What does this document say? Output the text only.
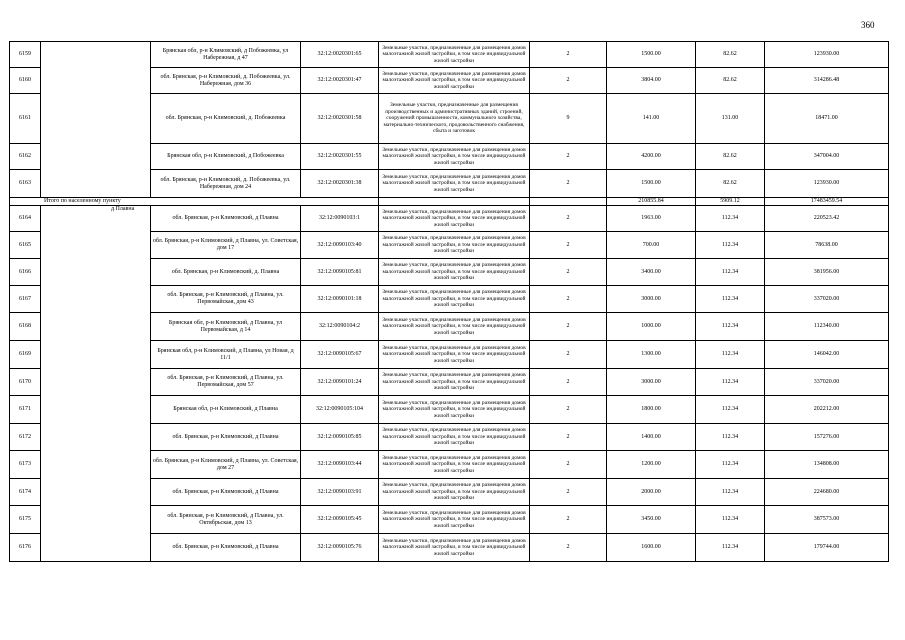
360
6159		Брянская обл, р-н Климовский, д Побожеевка, ул Набережная, д 47	32:12:0020301:65	Земельные участки, предназначенные для размещения домов малоэтажной жилой застройки, в том числе индивидуальной жилой застройки	2	1500.00	82.62	123930.00
6160		обл. Брянская, р-н Климовский, д. Побожеевка, ул. Набережная, дом 36	32:12:0020301:47	Земельные участки, предназначенные для размещения домов малоэтажной жилой застройки, в том числе индивидуальной жилой застройки	2	3804.00	82.62	314286.48
6161		обл. Брянская, р-н Климовский, д. Побожеевка	32:12:0020301:58	Земельные участки, предназначенные для размещения производственных и административных зданий, строений, сооружений промышленности, коммунального хозяйства, материально-технического, продовольственного снабжения, сбыта и заготовок	9	141.00	131.00	18471.00
6162		Брянская обл, р-н Климовский, д Побожеевка	32:12:0020301:55	Земельные участки, предназначенные для размещения домов малоэтажной жилой застройки, в том числе индивидуальной жилой застройки	2	4200.00	82.62	347004.00
6163		обл. Брянская, р-н Климовский, д. Побожеевка, ул. Набережная, дом 24	32:12:0020301:38	Земельные участки, предназначенные для размещения домов малоэтажной жилой застройки, в том числе индивидуальной жилой застройки	2	1500.00	82.62	123930.00
Итого по населенному пункту						210855.84	5909.12	17483459.54
6164	д Плавна	обл. Брянская, р-н Климовский, д Плавна	32:12:0090103:1	Земельные участки, предназначенные для размещения домов малоэтажной жилой застройки, в том числе индивидуальной жилой застройки	2	1963.00	112.34	220523.42
6165		обл. Брянская, р-н Климовский, д Плавна, ул. Советская, дом 17	32:12:0090103:40	Земельные участки, предназначенные для размещения домов малоэтажной жилой застройки, в том числе индивидуальной жилой застройки	2	700.00	112.34	78638.00
6166		обл. Брянская, р-н Климовский, д. Плавна	32:12:0090105:81	Земельные участки, предназначенные для размещения домов малоэтажной жилой застройки, в том числе индивидуальной жилой застройки	2	3400.00	112.34	381956.00
6167		обл. Брянская, р-н Климовский, д Плавна, ул. Первомайская, дом 43	32:12:0090101:18	Земельные участки, предназначенные для размещения домов малоэтажной жилой застройки, в том числе индивидуальной жилой застройки	2	3000.00	112.34	337020.00
6168		Брянская обл, р-н Климовский, д Плавна, ул Первомайская, д 14	32:12:0090104:2	Земельные участки, предназначенные для размещения домов малоэтажной жилой застройки, в том числе индивидуальной жилой застройки	2	1000.00	112.34	112340.00
6169		Брянская обл, р-н Климовский, д Плавна, ул Новая, д 11/1	32:12:0090105:67	Земельные участки, предназначенные для размещения домов малоэтажной жилой застройки, в том числе индивидуальной жилой застройки	2	1300.00	112.34	146042.00
6170		обл. Брянская, р-н Климовский, д Плавна, ул. Первомайская, дом 57	32:12:0090101:24	Земельные участки, предназначенные для размещения домов малоэтажной жилой застройки, в том числе индивидуальной жилой застройки	2	3000.00	112.34	337020.00
6171		Брянская обл, р-н Климовский, д Плавна	32:12:0090105:104	Земельные участки, предназначенные для размещения домов малоэтажной жилой застройки, в том числе индивидуальной жилой застройки	2	1800.00	112.34	202212.00
6172		обл. Брянская, р-н Климовский, д Плавна	32:12:0090105:85	Земельные участки, предназначенные для размещения домов малоэтажной жилой застройки, в том числе индивидуальной жилой застройки	2	1400.00	112.34	157276.00
6173		обл. Брянская, р-н Климовский, д Плавна, ул. Советская, дом 27	32:12:0090103:44	Земельные участки, предназначенные для размещения домов малоэтажной жилой застройки, в том числе индивидуальной жилой застройки	2	1200.00	112.34	134808.00
6174		обл. Брянская, р-н Климовский, д Плавна	32:12:0090103:91	Земельные участки, предназначенные для размещения домов малоэтажной жилой застройки, в том числе индивидуальной жилой застройки	2	2000.00	112.34	224680.00
6175		обл. Брянская, р-н Климовский, д Плавна, ул. Октябрьская, дом 13	32:12:0090105:45	Земельные участки, предназначенные для размещения домов малоэтажной жилой застройки, в том числе индивидуальной жилой застройки	2	3450.00	112.34	387573.00
6176		обл. Брянская, р-н Климовский, д Плавна	32:12:0090105:76	Земельные участки, предназначенные для размещения домов малоэтажной жилой застройки, в том числе индивидуальной жилой застройки	2	1600.00	112.34	179744.00
